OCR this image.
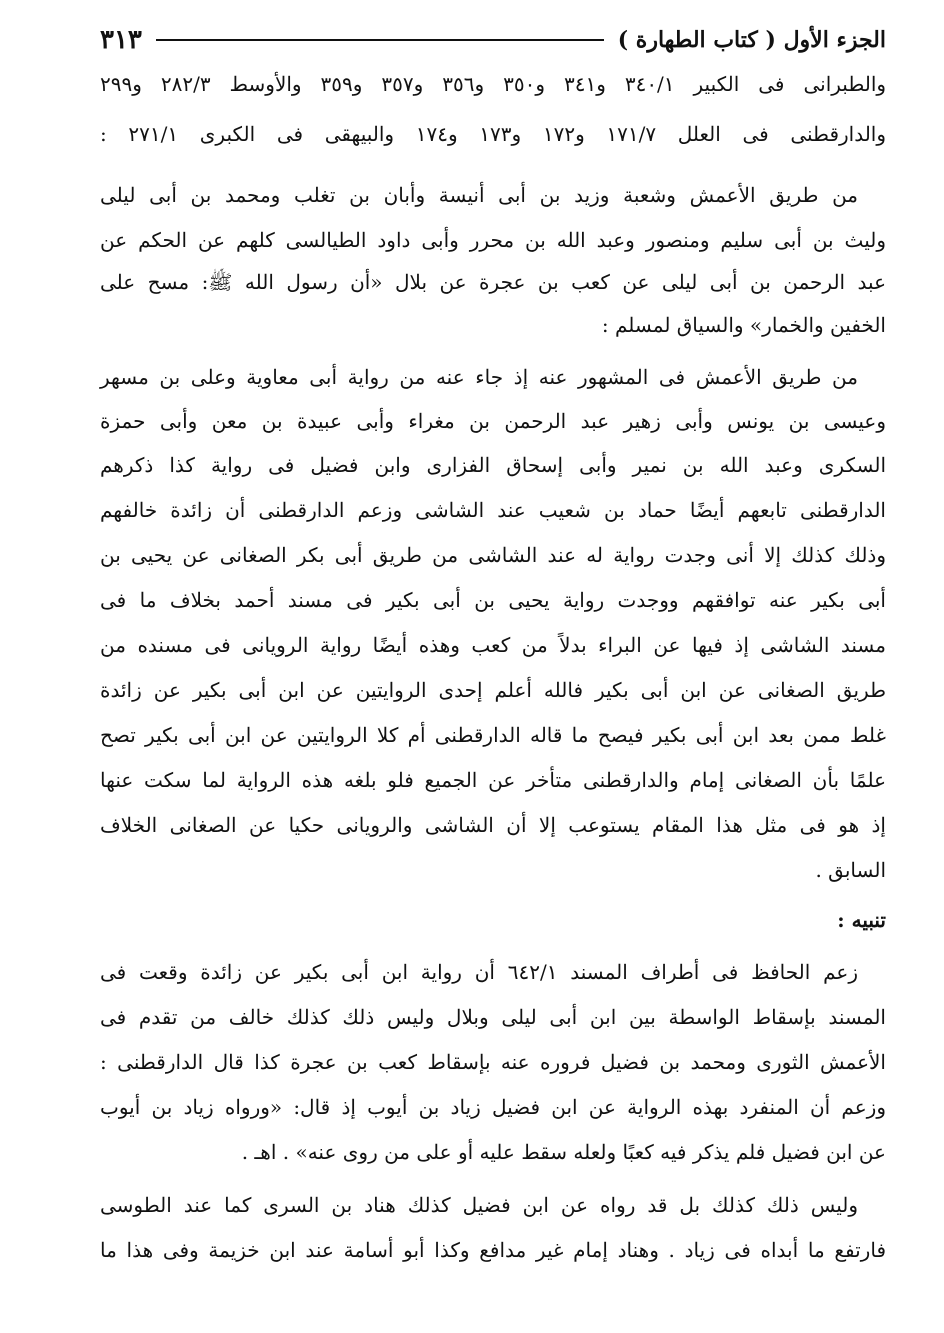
الجزء الأول ( كتاب الطهارة )
٣١٣
والطبرانى فى الكبير ٣٤٠/١ و٣٤١ و٣٥٠ و٣٥٦ و٣٥٧ و٣٥٩ والأوسط ٢٨٢/٣ و٢٩٩
والدارقطنى فى العلل ١٧١/٧ و١٧٢ و١٧٣ و١٧٤ والبيهقى فى الكبرى ٢٧١/١ :
من طريق الأعمش وشعبة وزيد بن أبى أنيسة وأبان بن تغلب ومحمد بن أبى ليلى
وليث بن أبى سليم ومنصور وعبد الله بن محرر وأبى داود الطيالسى كلهم عن الحكم عن
عبد الرحمن بن أبى ليلى عن كعب بن عجرة عن بلال «أن رسول الله ﷺ: مسح على
الخفين والخمار» والسياق لمسلم :
من طريق الأعمش فى المشهور عنه إذ جاء عنه من رواية أبى معاوية وعلى بن مسهر
وعيسى بن يونس وأبى زهير عبد الرحمن بن مغراء وأبى عبيدة بن معن وأبى حمزة
السكرى وعبد الله بن نمير وأبى إسحاق الفزارى وابن فضيل فى رواية كذا ذكرهم
الدارقطنى تابعهم أيضًا حماد بن شعيب عند الشاشى وزعم الدارقطنى أن زائدة خالفهم
وذلك كذلك إلا أنى وجدت رواية له عند الشاشى من طريق أبى بكر الصغانى عن يحيى بن
أبى بكير عنه توافقهم ووجدت رواية يحيى بن أبى بكير فى مسند أحمد بخلاف ما فى
مسند الشاشى إذ فيها عن البراء بدلاً من كعب وهذه أيضًا رواية الرويانى فى مسنده من
طريق الصغانى عن ابن أبى بكير فالله أعلم إحدى الروايتين عن ابن أبى بكير عن زائدة
غلط ممن بعد ابن أبى بكير فيصح ما قاله الدارقطنى أم كلا الروايتين عن ابن أبى بكير تصح
علمًا بأن الصغانى إمام والدارقطنى متأخر عن الجميع فلو بلغه هذه الرواية لما سكت عنها
إذ هو فى مثل هذا المقام يستوعب إلا أن الشاشى والرويانى حكيا عن الصغانى الخلاف
السابق .
تنبيه :
زعم الحافظ فى أطراف المسند ٦٤٢/١ أن رواية ابن أبى بكير عن زائدة وقعت فى
المسند بإسقاط الواسطة بين ابن أبى ليلى وبلال وليس ذلك كذلك خالف من تقدم فى
الأعمش الثورى ومحمد بن فضيل فروره عنه بإسقاط كعب بن عجرة كذا قال الدارقطنى :
وزعم أن المنفرد بهذه الرواية عن ابن فضيل زياد بن أيوب إذ قال: «ورواه زياد بن أيوب
عن ابن فضيل فلم يذكر فيه كعبًا ولعله سقط عليه أو على من روى عنه» . اهـ .
وليس ذلك كذلك بل قد رواه عن ابن فضيل كذلك هناد بن السرى كما عند الطوسى
فارتفع ما أبداه فى زياد . وهناد إمام غير مدافع وكذا أبو أسامة عند ابن خزيمة وفى هذا ما
